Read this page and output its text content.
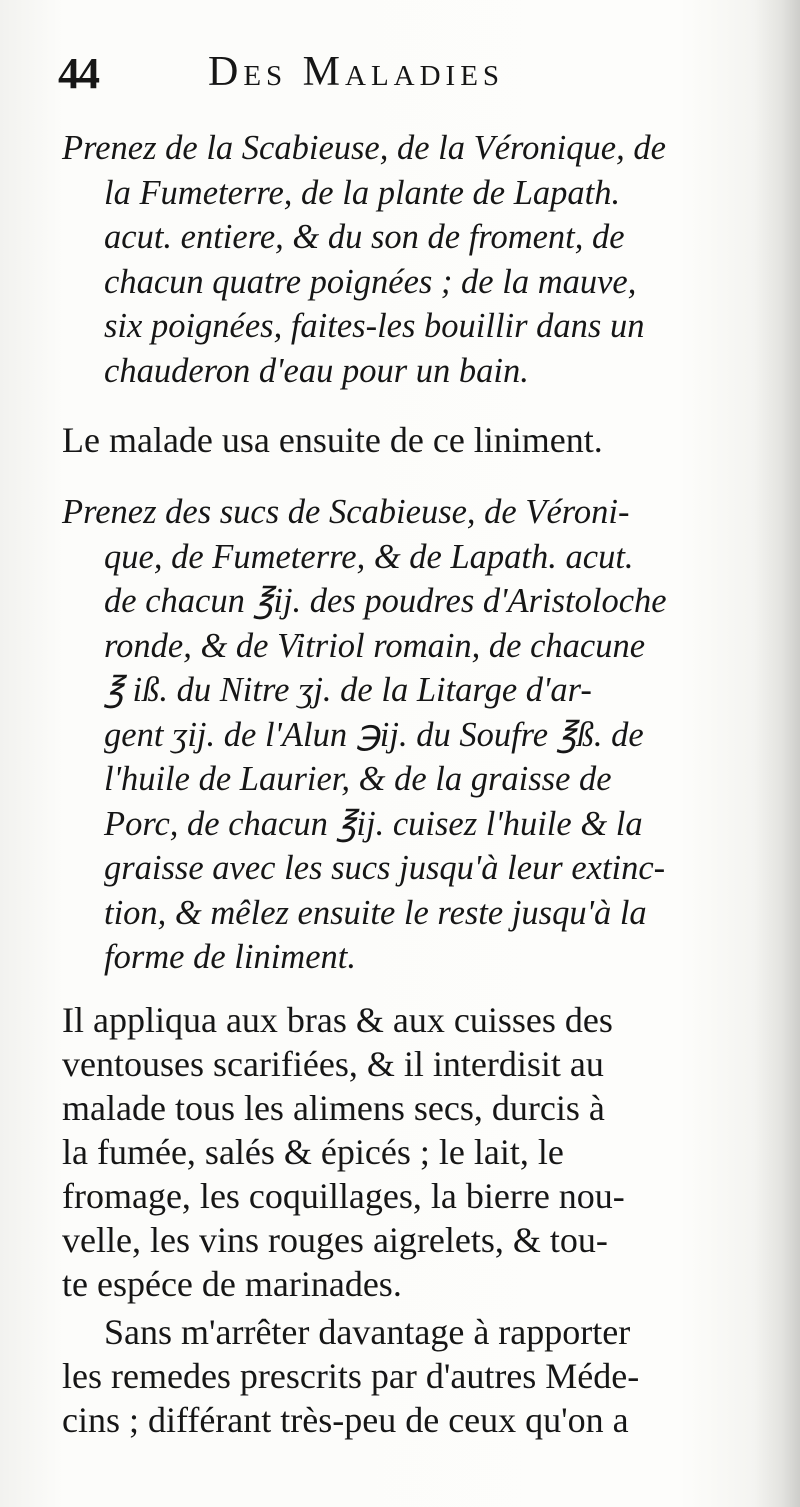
44	Des Maladies
Prenez de la Scabieuse, de la Véronique, de
la Fumeterre, de la plante de Lapath.
acut. entiere, & du son de froment, de
chacun quatre poignées ; de la mauve,
six poignées, faites-les bouillir dans un
chauderon d'eau pour un bain.
Le malade usa ensuite de ce liniment.
Prenez des sucs de Scabieuse, de Véroni-
que, de Fumeterre, & de Lapath. acut.
de chacun ℥ij. des poudres d'Aristoloche
ronde, & de Vitriol romain, de chacune
℥ iß. du Nitre ʒj. de la Litarge d'ar-
gent ʒij. de l'Alun ℈ij. du Soufre ℥ß. de
l'huile de Laurier, & de la graisse de
Porc, de chacun ℥ij. cuisez l'huile & la
graisse avec les sucs jusqu'à leur extinc-
tion, & mêlez ensuite le reste jusqu'à la
forme de liniment.
Il appliqua aux bras & aux cuisses des
ventouses scarifiées, & il interdisit au
malade tous les alimens secs, durcis à
la fumée, salés & épicés ; le lait, le
fromage, les coquillages, la bierre nou-
velle, les vins rouges aigrelets, & tou-
te espéce de marinades.
Sans m'arrêter davantage à rapporter
les remedes prescrits par d'autres Méde-
cins ; différant très-peu de ceux qu'on a
